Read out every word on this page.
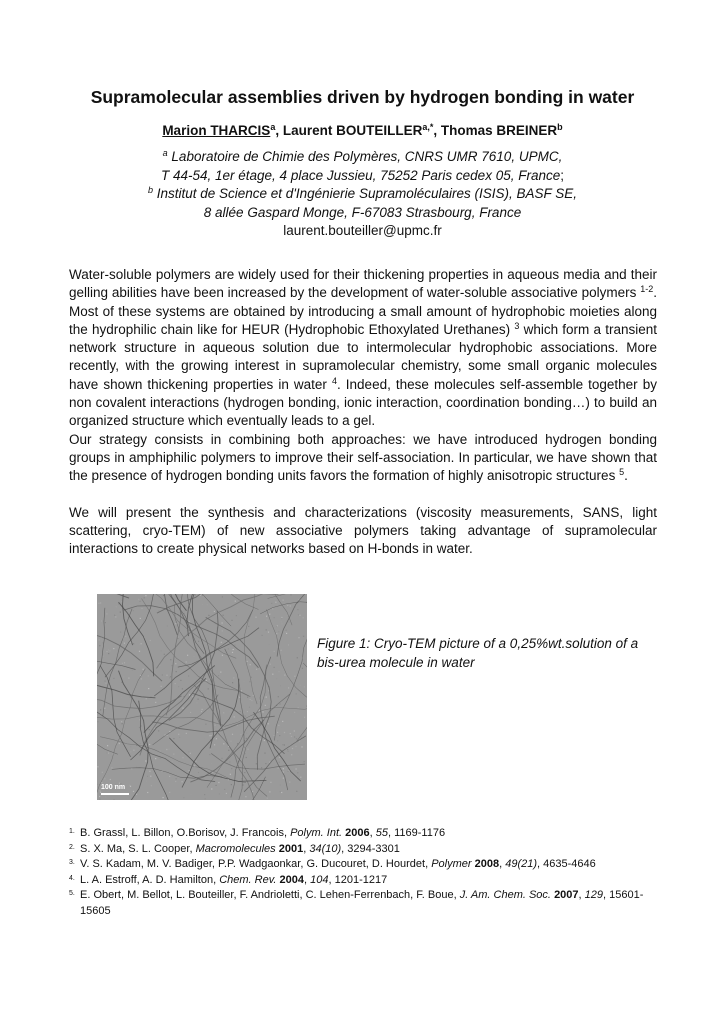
Supramolecular assemblies driven by hydrogen bonding in water
Marion THARCIS$^a$, Laurent $BOUTEILLER^{a,*}$, Thomas BREINER$^b$
$^a$ Laboratoire de Chimie des Polymères, CNRS UMR 7610, UPMC,
T 44-54, 1er étage, 4 place Jussieu, 75252 Paris cedex 05, France;
$^b$ Institut de Science et d'Ingénierie Supramoléculaires (ISIS), BASF SE,
8 allée Gaspard Monge, F-67083 Strasbourg, France
laurent.bouteiller@upmc.fr

Water-soluble polymers are widely used for their thickening properties in aqueous media and their gelling abilities have been increased by the development of water-soluble associative polymers $^{1-2}$. Most of these systems are obtained by introducing a small amount of hydrophobic moieties along the hydrophilic chain like for HEUR (Hydrophobic Ethoxylated Urethanes) $^3$ which form a transient network structure in aqueous solution due to intermolecular hydrophobic associations. More recently, with the growing interest in supramolecular chemistry, some small organic molecules have shown thickening properties in water $^4$. Indeed, these molecules self-assemble together by non covalent interactions (hydrogen bonding, ionic interaction, coordination bonding…) to build an organized structure which eventually leads to a gel.

Our strategy consists in combining both approaches: we have introduced hydrogen bonding groups in amphiphilic polymers to improve their self-association. In particular, we have shown that the presence of hydrogen bonding units favors the formation of highly anisotropic structures $^5$.

We will present the synthesis and characterizations (viscosity measurements, SANS, light scattering, cryo-TEM) of new associative polymers taking advantage of supramolecular interactions to create physical networks based on H-bonds in water.

100 nm
Figure 1: Cryo-TEM picture of a 0,25%wt.solution of a bis-urea molecule in water
1. B. Grassl, L. Billon, O.Borisov, J. Francois, Polym. Int. 2006, 55, 1169-1176
2. S. X. Ma, S. L. Cooper, Macromolecules 2001, 34(10), 3294-3301
3. V. S. Kadam, M. V. Badiger, P.P. Wadgaonkar, G. Ducouret, D. Hourdet, Polymer 2008, 49(21), 4635-4646
4. L. A. Estroff, A. D. Hamilton, Chem. Rev. 2004, 104, 1201-1217
5. E. Obert, M. Bellot, L. Bouteiller, F. Andrioletti, C. Lehen-Ferrenbach, F. Boue, J. Am. Chem. Soc. 2007, 129, 15601-15605
